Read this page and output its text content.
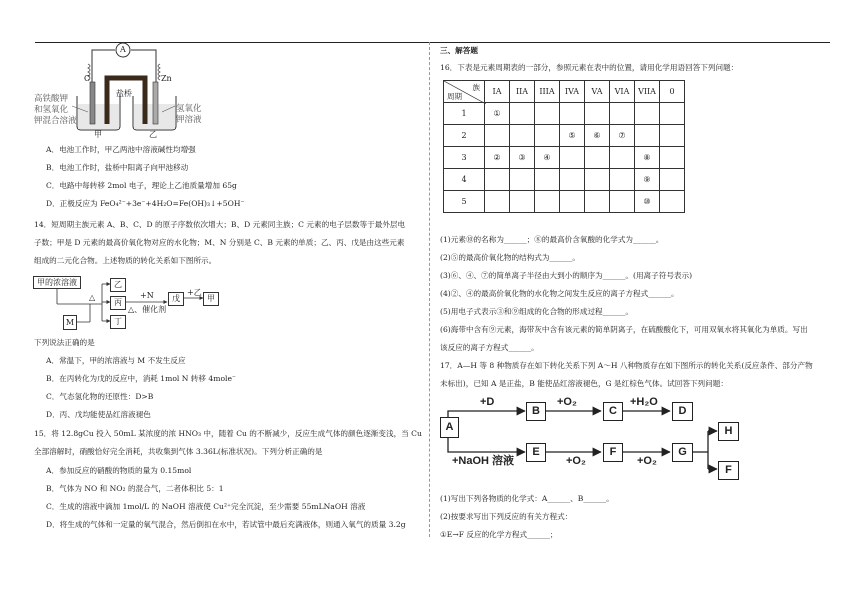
A
C	Zn
盐桥
高铁酸钾
和氢氧化
钾混合溶液
氢氧化
钾溶液
甲	乙
A．电池工作时，甲乙两池中溶液碱性均增强
B．电池工作时，盐桥中阳离子向甲池移动
C．电路中每转移 2mol 电子，理论上乙池质量增加 65g
D．正极反应为 FeO₄²⁻+3e⁻+4H₂O=Fe(OH)₃↓+5OH⁻
14．短周期主族元素 A、B、C、D 的原子序数依次增大；B、D 元素同主族；C 元素的电子层数等于最外层电
子数；甲是 D 元素的最高价氧化物对应的水化物；M、N 分别是 C、B 元素的单质；乙、丙、戊是由这些元素
组成的二元化合物。上述物质的转化关系如下图所示。
甲的浓溶液
M
乙
丙
丁
戊	甲
△	+N
△、催化剂
+乙
下列说法正确的是
A．常温下，甲的浓溶液与 M 不发生反应
B．在丙转化为戊的反应中，消耗 1mol N 转移 4mole⁻
C．气态氢化物的还原性：D>B
D．丙、戊均能使品红溶液褪色
15．将 12.8gCu 投入 50mL 某浓度的浓 HNO₃ 中，随着 Cu 的不断减少，反应生成气体的颜色逐渐变浅，当 Cu
全部溶解时，硝酸恰好完全消耗，共收集到气体 3.36L(标准状况)。下列分析正确的是
A．参加反应的硝酸的物质的量为 0.15mol
B．气体为 NO 和 NO₂ 的混合气，二者体积比 5：1
C．生成的溶液中滴加 1mol/L 的 NaOH 溶液使 Cu²⁺完全沉淀，至少需要 55mLNaOH 溶液
D．将生成的气体和一定量的氧气混合，然后倒扣在水中，若试管中最后充满液体，则通入氧气的质量 3.2g
三、解答题
16．下表是元素周期表的一部分，参照元素在表中的位置，请用化学用语回答下列问题：
族
周期	IA	IIA	IIIA	IVA	VA	VIA	VIIA	0
1	①							
2				⑤	⑥	⑦		
3	②	③	④				⑧	
4							⑨	
5							⑩	
(1)元素⑩的名称为______；⑧的最高价含氧酸的化学式为______。
(2)⑤的最高价氧化物的结构式为______。
(3)⑥、④、⑦的简单离子半径由大到小的顺序为______。(用离子符号表示)
(4)②、④的最高价氧化物的水化物之间发生反应的离子方程式______。
(5)用电子式表示③和⑨组成的化合物的形成过程______。
(6)海带中含有⑨元素，海带灰中含有该元素的简单阴离子，在硫酸酸化下，可用双氧水将其氧化为单质。写出
该反应的离子方程式______。
17．A—H 等 8 种物质存在如下转化关系下列 A～H 八种物质存在如下图所示的转化关系(反应条件、部分产物
未标出)，已知 A 是正盐，B 能使品红溶液褪色，G 是红棕色气体。试回答下列问题：
A
B	C	D
E	F	G
H
F
+D	+O₂	+H₂O
+NaOH 溶液	+O₂	+O₂
(1)写出下列各物质的化学式：A______、B______。
(2)按要求写出下列反应的有关方程式：
①E→F 反应的化学方程式______；
